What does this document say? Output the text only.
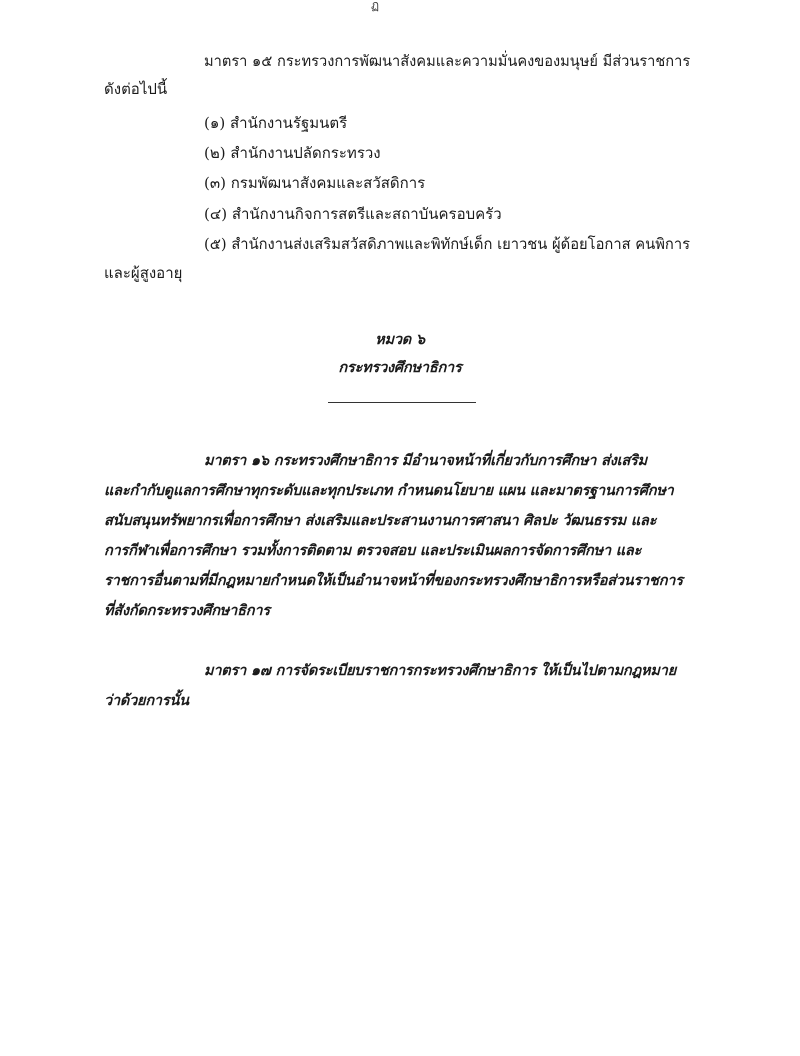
ฏ
มาตรา ๑๕ กระทรวงการพัฒนาสังคมและความมั่นคงของมนุษย์ มีส่วนราชการ
ดังต่อไปนี้
(๑) สำนักงานรัฐมนตรี
(๒) สำนักงานปลัดกระทรวง
(๓) กรมพัฒนาสังคมและสวัสดิการ
(๔) สำนักงานกิจการสตรีและสถาบันครอบครัว
(๕) สำนักงานส่งเสริมสวัสดิภาพและพิทักษ์เด็ก เยาวชน ผู้ด้อยโอกาส คนพิการ
และผู้สูงอายุ
หมวด ๖
กระทรวงศึกษาธิการ
มาตรา ๑๖ กระทรวงศึกษาธิการ มีอำนาจหน้าที่เกี่ยวกับการศึกษา ส่งเสริม
และกำกับดูแลการศึกษาทุกระดับและทุกประเภท กำหนดนโยบาย แผน และมาตรฐานการศึกษา
สนับสนุนทรัพยากรเพื่อการศึกษา ส่งเสริมและประสานงานการศาสนา ศิลปะ วัฒนธรรม และ
การกีฬาเพื่อการศึกษา รวมทั้งการติดตาม ตรวจสอบ และประเมินผลการจัดการศึกษา และ
ราชการอื่นตามที่มีกฎหมายกำหนดให้เป็นอำนาจหน้าที่ของกระทรวงศึกษาธิการหรือส่วนราชการ
ที่สังกัดกระทรวงศึกษาธิการ
มาตรา ๑๗ การจัดระเบียบราชการกระทรวงศึกษาธิการ ให้เป็นไปตามกฎหมาย
ว่าด้วยการนั้น
